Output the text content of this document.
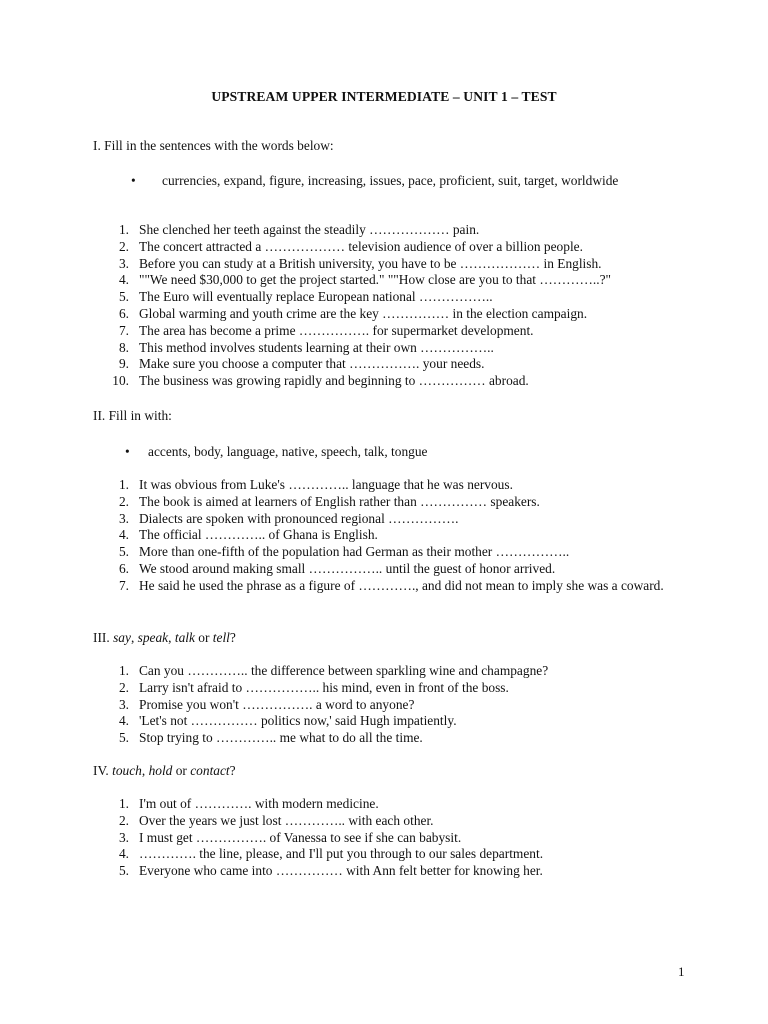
UPSTREAM UPPER INTERMEDIATE – UNIT 1 – TEST
I. Fill in the sentences with the words below:
•	currencies, expand, figure, increasing, issues, pace, proficient, suit, target, worldwide
1. She clenched her teeth against the steadily ……………… pain.
2. The concert attracted a ……………… television audience of over a billion people.
3. Before you can study at a British university, you have to be ……………… in English.
4. ""We need $30,000 to get the project started." ""How close are you to that …………..?"
5. The Euro will eventually replace European national ……………..
6. Global warming and youth crime are the key …………… in the election campaign.
7. The area has become a prime ……………. for supermarket development.
8. This method involves students learning at their own ……………..
9. Make sure you choose a computer that ……………. your needs.
10. The business was growing rapidly and beginning to …………… abroad.
II. Fill in with:
•	accents, body, language, native, speech, talk, tongue
1. It was obvious from Luke's ………….. language that he was nervous.
2. The book is aimed at learners of English rather than …………… speakers.
3. Dialects are spoken with pronounced regional …………….
4. The official ………….. of Ghana is English.
5. More than one-fifth of the population had German as their mother ……………..
6. We stood around making small …………….. until the guest of honor arrived.
7. He said he used the phrase as a figure of …………., and did not mean to imply she was a coward.
III. say, speak, talk or tell?
1. Can you ………….. the difference between sparkling wine and champagne?
2. Larry isn't afraid to …………….. his mind, even in front of the boss.
3. Promise you won't ……………. a word to anyone?
4. 'Let's not …………… politics now,' said Hugh impatiently.
5. Stop trying to ………….. me what to do all the time.
IV. touch, hold or contact?
1. I'm out of …………. with modern medicine.
2. Over the years we just lost ………….. with each other.
3. I must get ……………. of Vanessa to see if she can babysit.
4. …………. the line, please, and I'll put you through to our sales department.
5. Everyone who came into …………… with Ann felt better for knowing her.
1
